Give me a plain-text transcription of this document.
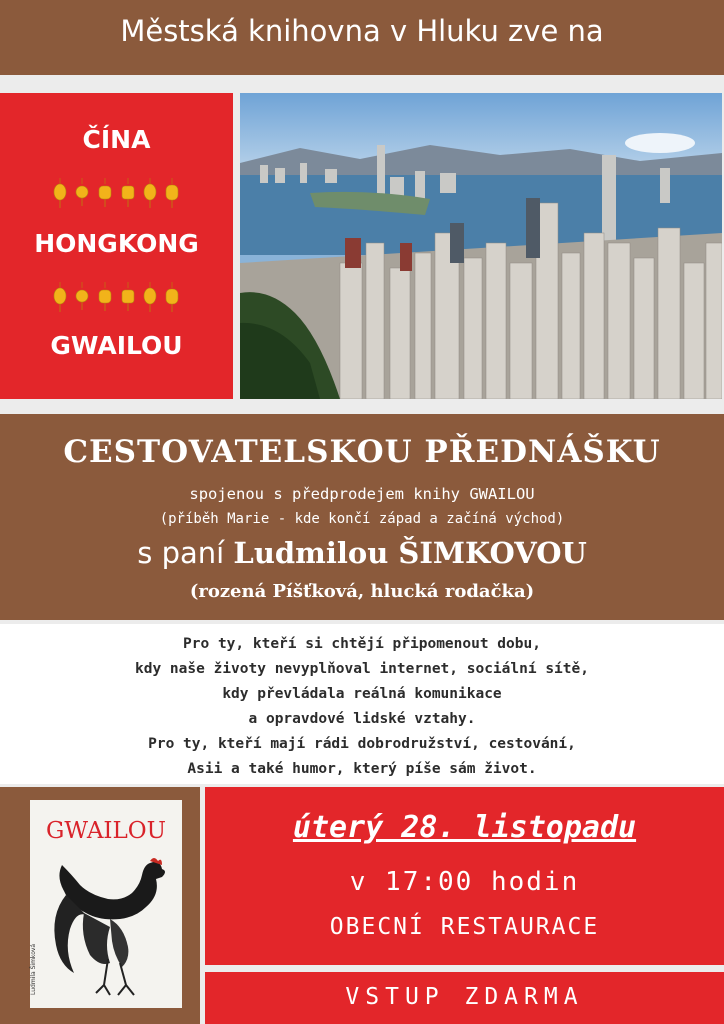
Městská knihovna v Hluku zve na
ČÍNA
HONGKONG
GWAILOU
CESTOVATELSKOU PŘEDNÁŠKU
spojenou s předprodejem knihy GWAILOU
(příběh Marie - kde končí západ a začíná východ)
s paní Ludmilou ŠIMKOVOU
(rozená Píšťková, hlucká rodačka)
Pro ty, kteří si chtějí připomenout dobu,
kdy naše životy nevyplňoval internet, sociální sítě,
kdy převládala reálná komunikace
a opravdové lidské vztahy.
Pro ty, kteří mají rádi dobrodružství, cestování,
Asii a také humor, který píše sám život.
GWAILOU
Ludmila Šimková
úterý 28. listopadu
v 17:00 hodin
OBECNÍ RESTAURACE
VSTUP ZDARMA
